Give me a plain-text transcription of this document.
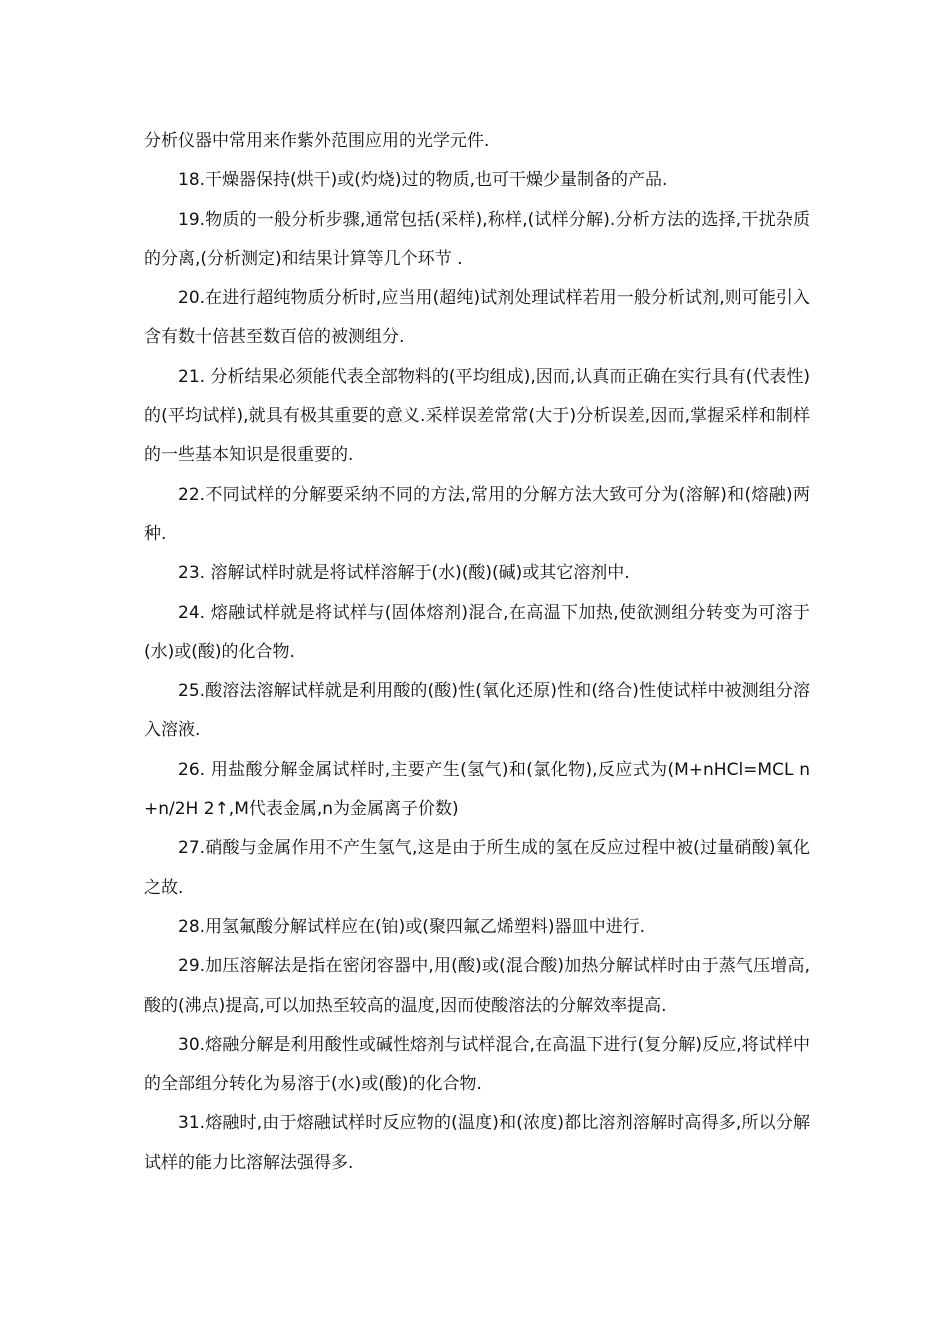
分析仪器中常用来作紫外范围应用的光学元件.

18.干燥器保持(烘干)或(灼烧)过的物质,也可干燥少量制备的产品.

19.物质的一般分析步骤,通常包括(采样),称样,(试样分解).分析方法的选择,干扰杂质的分离,(分析测定)和结果计算等几个环节 .

20.在进行超纯物质分析时,应当用(超纯)试剂处理试样若用一般分析试剂,则可能引入含有数十倍甚至数百倍的被测组分.

21. 分析结果必须能代表全部物料的(平均组成),因而,认真而正确在实行具有(代表性) 的(平均试样),就具有极其重要的意义.采样误差常常(大于)分析误差,因而,掌握采样和制样的一些基本知识是很重要的.

22.不同试样的分解要采纳不同的方法,常用的分解方法大致可分为(溶解)和(熔融)两种.

23. 溶解试样时就是将试样溶解于(水)(酸)(碱)或其它溶剂中.

24. 熔融试样就是将试样与(固体熔剂)混合,在高温下加热,使欲测组分转变为可溶于(水)或(酸)的化合物.

25.酸溶法溶解试样就是利用酸的(酸)性(氧化还原)性和(络合)性使试样中被测组分溶入溶液.

26. 用盐酸分解金属试样时,主要产生(氢气)和(氯化物),反应式为(M+nHCl=MCL n +n/2H 2↑,M代表金属,n为金属离子价数)

27.硝酸与金属作用不产生氢气,这是由于所生成的氢在反应过程中被(过量硝酸)氧化之故.

28.用氢氟酸分解试样应在(铂)或(聚四氟乙烯塑料)器皿中进行.

29.加压溶解法是指在密闭容器中,用(酸)或(混合酸)加热分解试样时由于蒸气压增高,酸的(沸点)提高,可以加热至较高的温度,因而使酸溶法的分解效率提高.

30.熔融分解是利用酸性或碱性熔剂与试样混合,在高温下进行(复分解)反应,将试样中的全部组分转化为易溶于(水)或(酸)的化合物.

31.熔融时,由于熔融试样时反应物的(温度)和(浓度)都比溶剂溶解时高得多,所以分解试样的能力比溶解法强得多.
